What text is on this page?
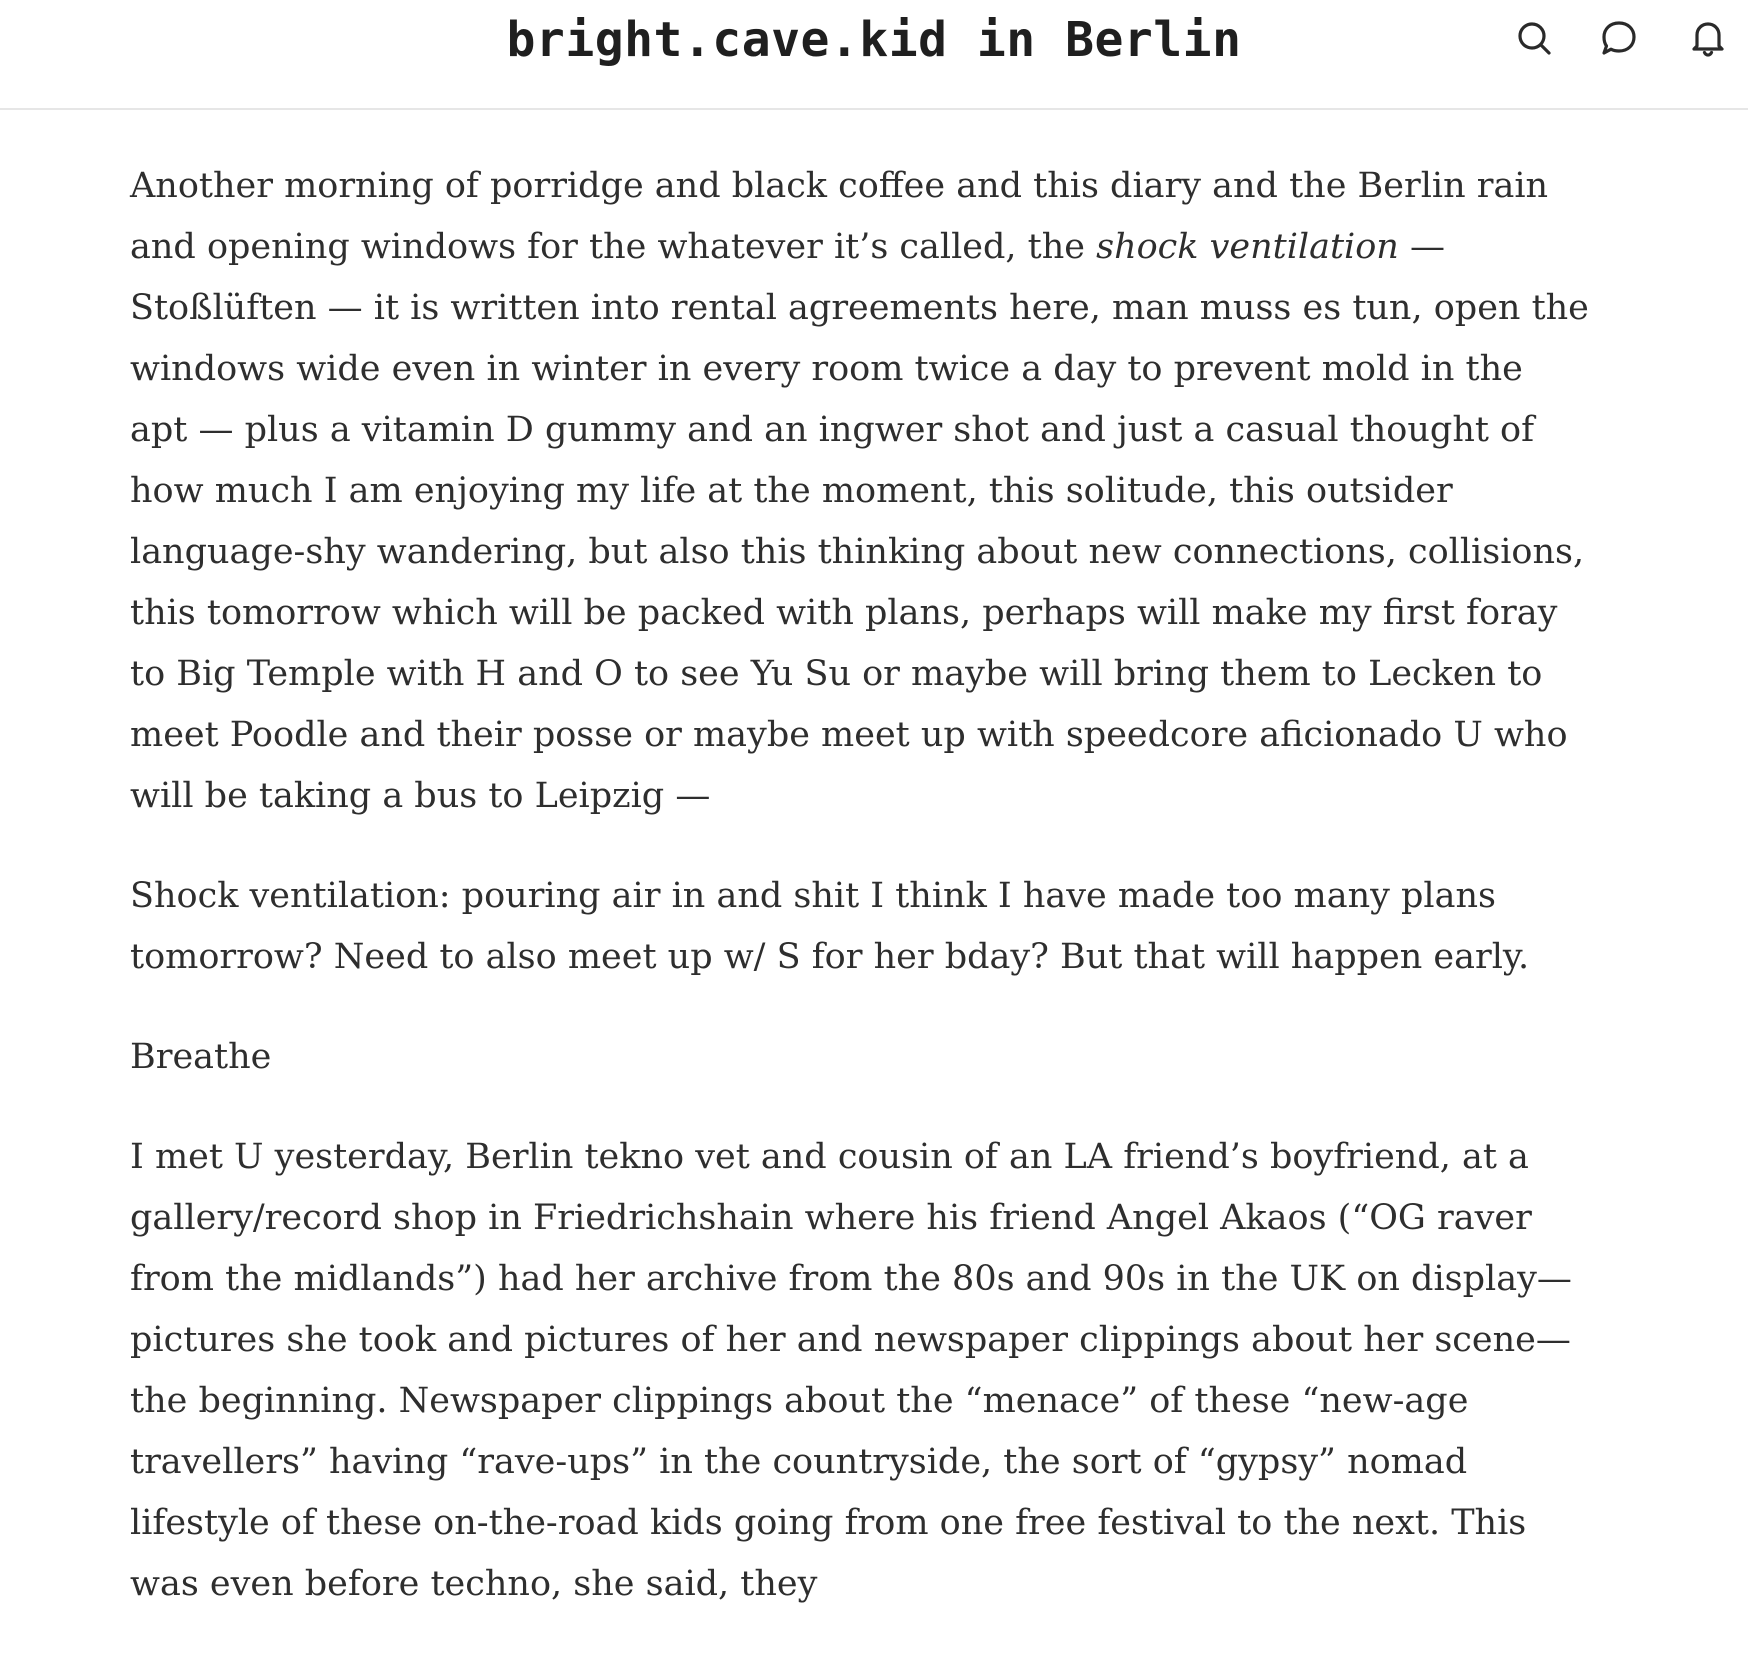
bright.cave.kid in Berlin

Another morning of porridge and black coffee and this diary and the Berlin rain and opening windows for the whatever it’s called, the shock ventilation — Stoßlüften — it is written into rental agreements here, man muss es tun, open the windows wide even in winter in every room twice a day to prevent mold in the apt — plus a vitamin D gummy and an ingwer shot and just a casual thought of how much I am enjoying my life at the moment, this solitude, this outsider language-shy wandering, but also this thinking about new connections, collisions, this tomorrow which will be packed with plans, perhaps will make my first foray to Big Temple with H and O to see Yu Su or maybe will bring them to Lecken to meet Poodle and their posse or maybe meet up with speedcore aficionado U who will be taking a bus to Leipzig —

Shock ventilation: pouring air in and shit I think I have made too many plans tomorrow? Need to also meet up w/ S for her bday? But that will happen early.

Breathe

I met U yesterday, Berlin tekno vet and cousin of an LA friend’s boyfriend, at a gallery/record shop in Friedrichshain where his friend Angel Akaos (“OG raver from the midlands”) had her archive from the 80s and 90s in the UK on display—pictures she took and pictures of her and newspaper clippings about her scene—the beginning. Newspaper clippings about the “menace” of these “new-age travellers” having “rave-ups” in the countryside, the sort of “gypsy” nomad lifestyle of these on-the-road kids going from one free festival to the next. This was even before techno, she said, they
